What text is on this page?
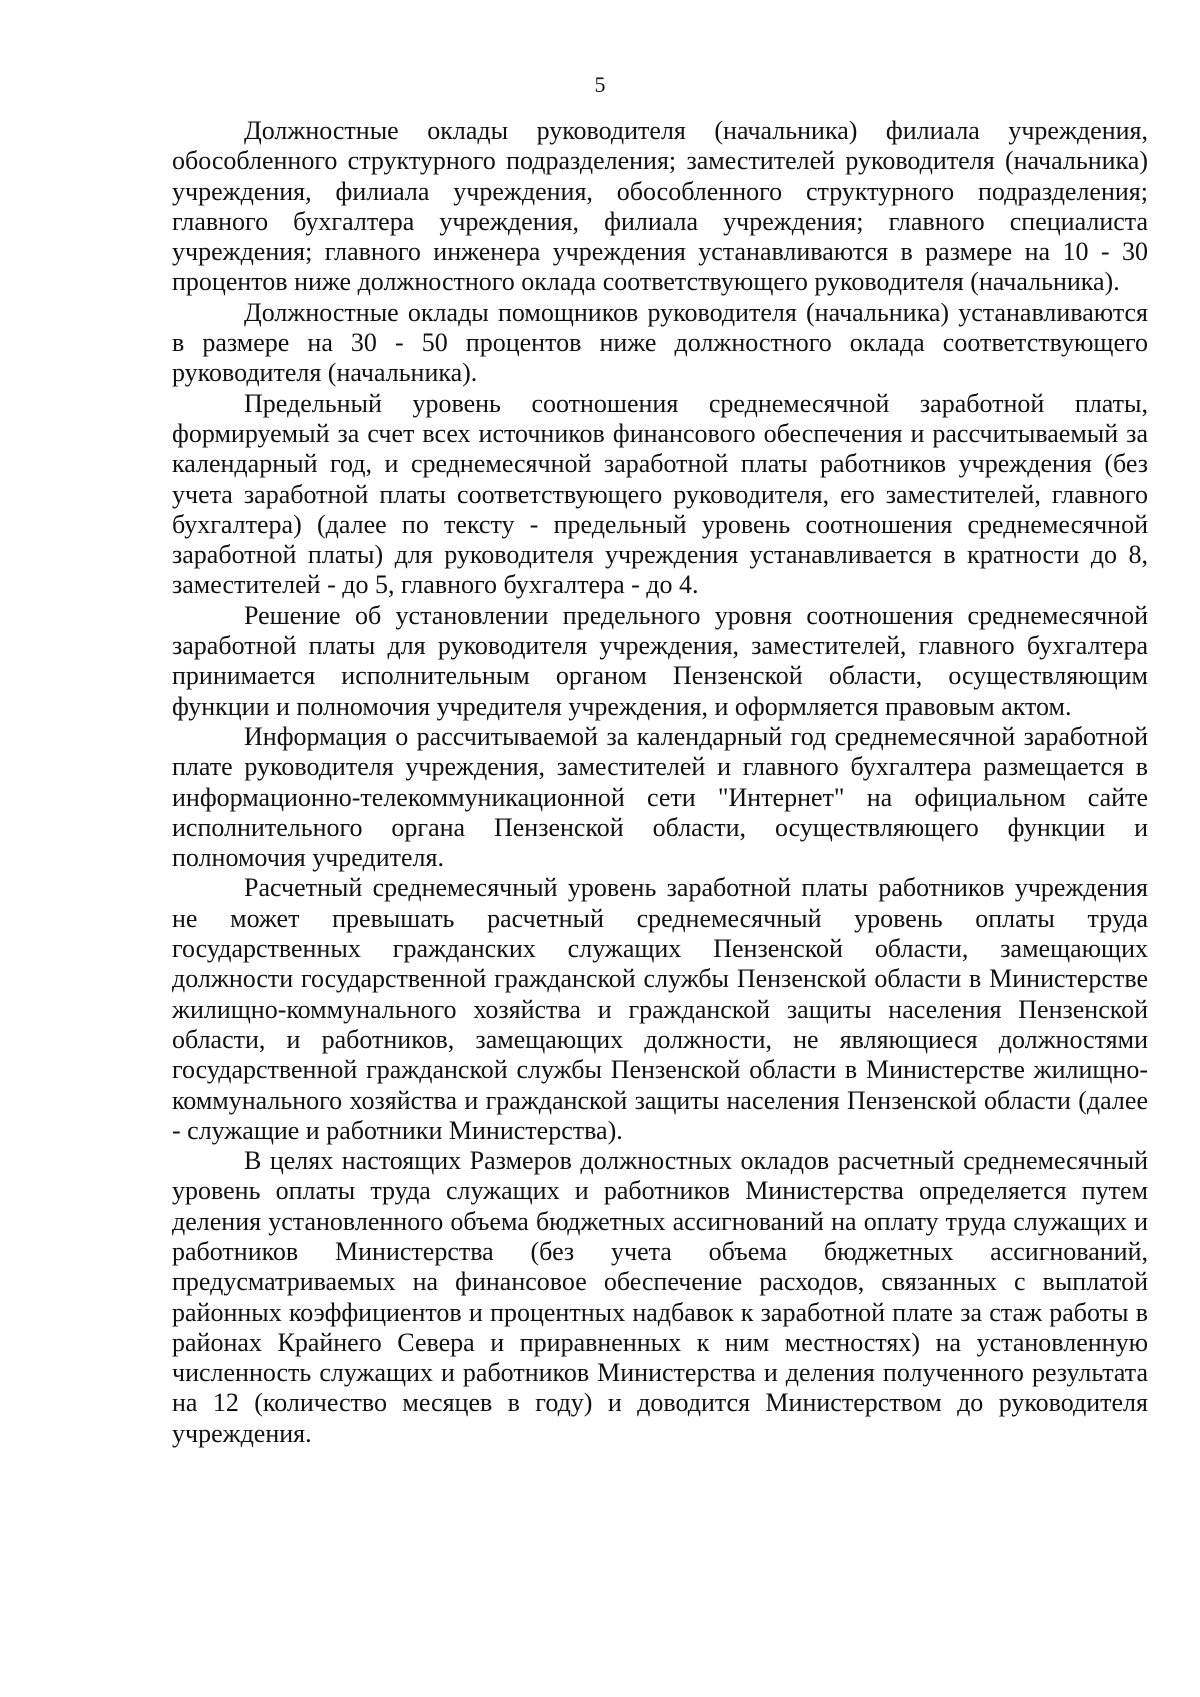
5

Должностные оклады руководителя (начальника) филиала учреждения, обособленного структурного подразделения; заместителей руководителя (начальника) учреждения, филиала учреждения, обособленного структурного подразделения; главного бухгалтера учреждения, филиала учреждения; главного специалиста учреждения; главного инженера учреждения устанавливаются в размере на 10 - 30 процентов ниже должностного оклада соответствующего руководителя (начальника).

Должностные оклады помощников руководителя (начальника) устанавливаются в размере на 30 - 50 процентов ниже должностного оклада соответствующего руководителя (начальника).

Предельный уровень соотношения среднемесячной заработной платы, формируемый за счет всех источников финансового обеспечения и рассчитываемый за календарный год, и среднемесячной заработной платы работников учреждения (без учета заработной платы соответствующего руководителя, его заместителей, главного бухгалтера) (далее по тексту - предельный уровень соотношения среднемесячной заработной платы) для руководителя учреждения устанавливается в кратности до 8, заместителей - до 5, главного бухгалтера - до 4.

Решение об установлении предельного уровня соотношения среднемесячной заработной платы для руководителя учреждения, заместителей, главного бухгалтера принимается исполнительным органом Пензенской области, осуществляющим функции и полномочия учредителя учреждения, и оформляется правовым актом.

Информация о рассчитываемой за календарный год среднемесячной заработной плате руководителя учреждения, заместителей и главного бухгалтера размещается в информационно-телекоммуникационной сети "Интернет" на официальном сайте исполнительного органа Пензенской области, осуществляющего функции и полномочия учредителя.

Расчетный среднемесячный уровень заработной платы работников учреждения не может превышать расчетный среднемесячный уровень оплаты труда государственных гражданских служащих Пензенской области, замещающих должности государственной гражданской службы Пензенской области в Министерстве жилищно-коммунального хозяйства и гражданской защиты населения Пензенской области, и работников, замещающих должности, не являющиеся должностями государственной гражданской службы Пензенской области в Министерстве жилищно-коммунального хозяйства и гражданской защиты населения Пензенской области (далее - служащие и работники Министерства).

В целях настоящих Размеров должностных окладов расчетный среднемесячный уровень оплаты труда служащих и работников Министерства определяется путем деления установленного объема бюджетных ассигнований на оплату труда служащих и работников Министерства (без учета объема бюджетных ассигнований, предусматриваемых на финансовое обеспечение расходов, связанных с выплатой районных коэффициентов и процентных надбавок к заработной плате за стаж работы в районах Крайнего Севера и приравненных к ним местностях) на установленную численность служащих и работников Министерства и деления полученного результата на 12 (количество месяцев в году) и доводится Министерством до руководителя учреждения.
